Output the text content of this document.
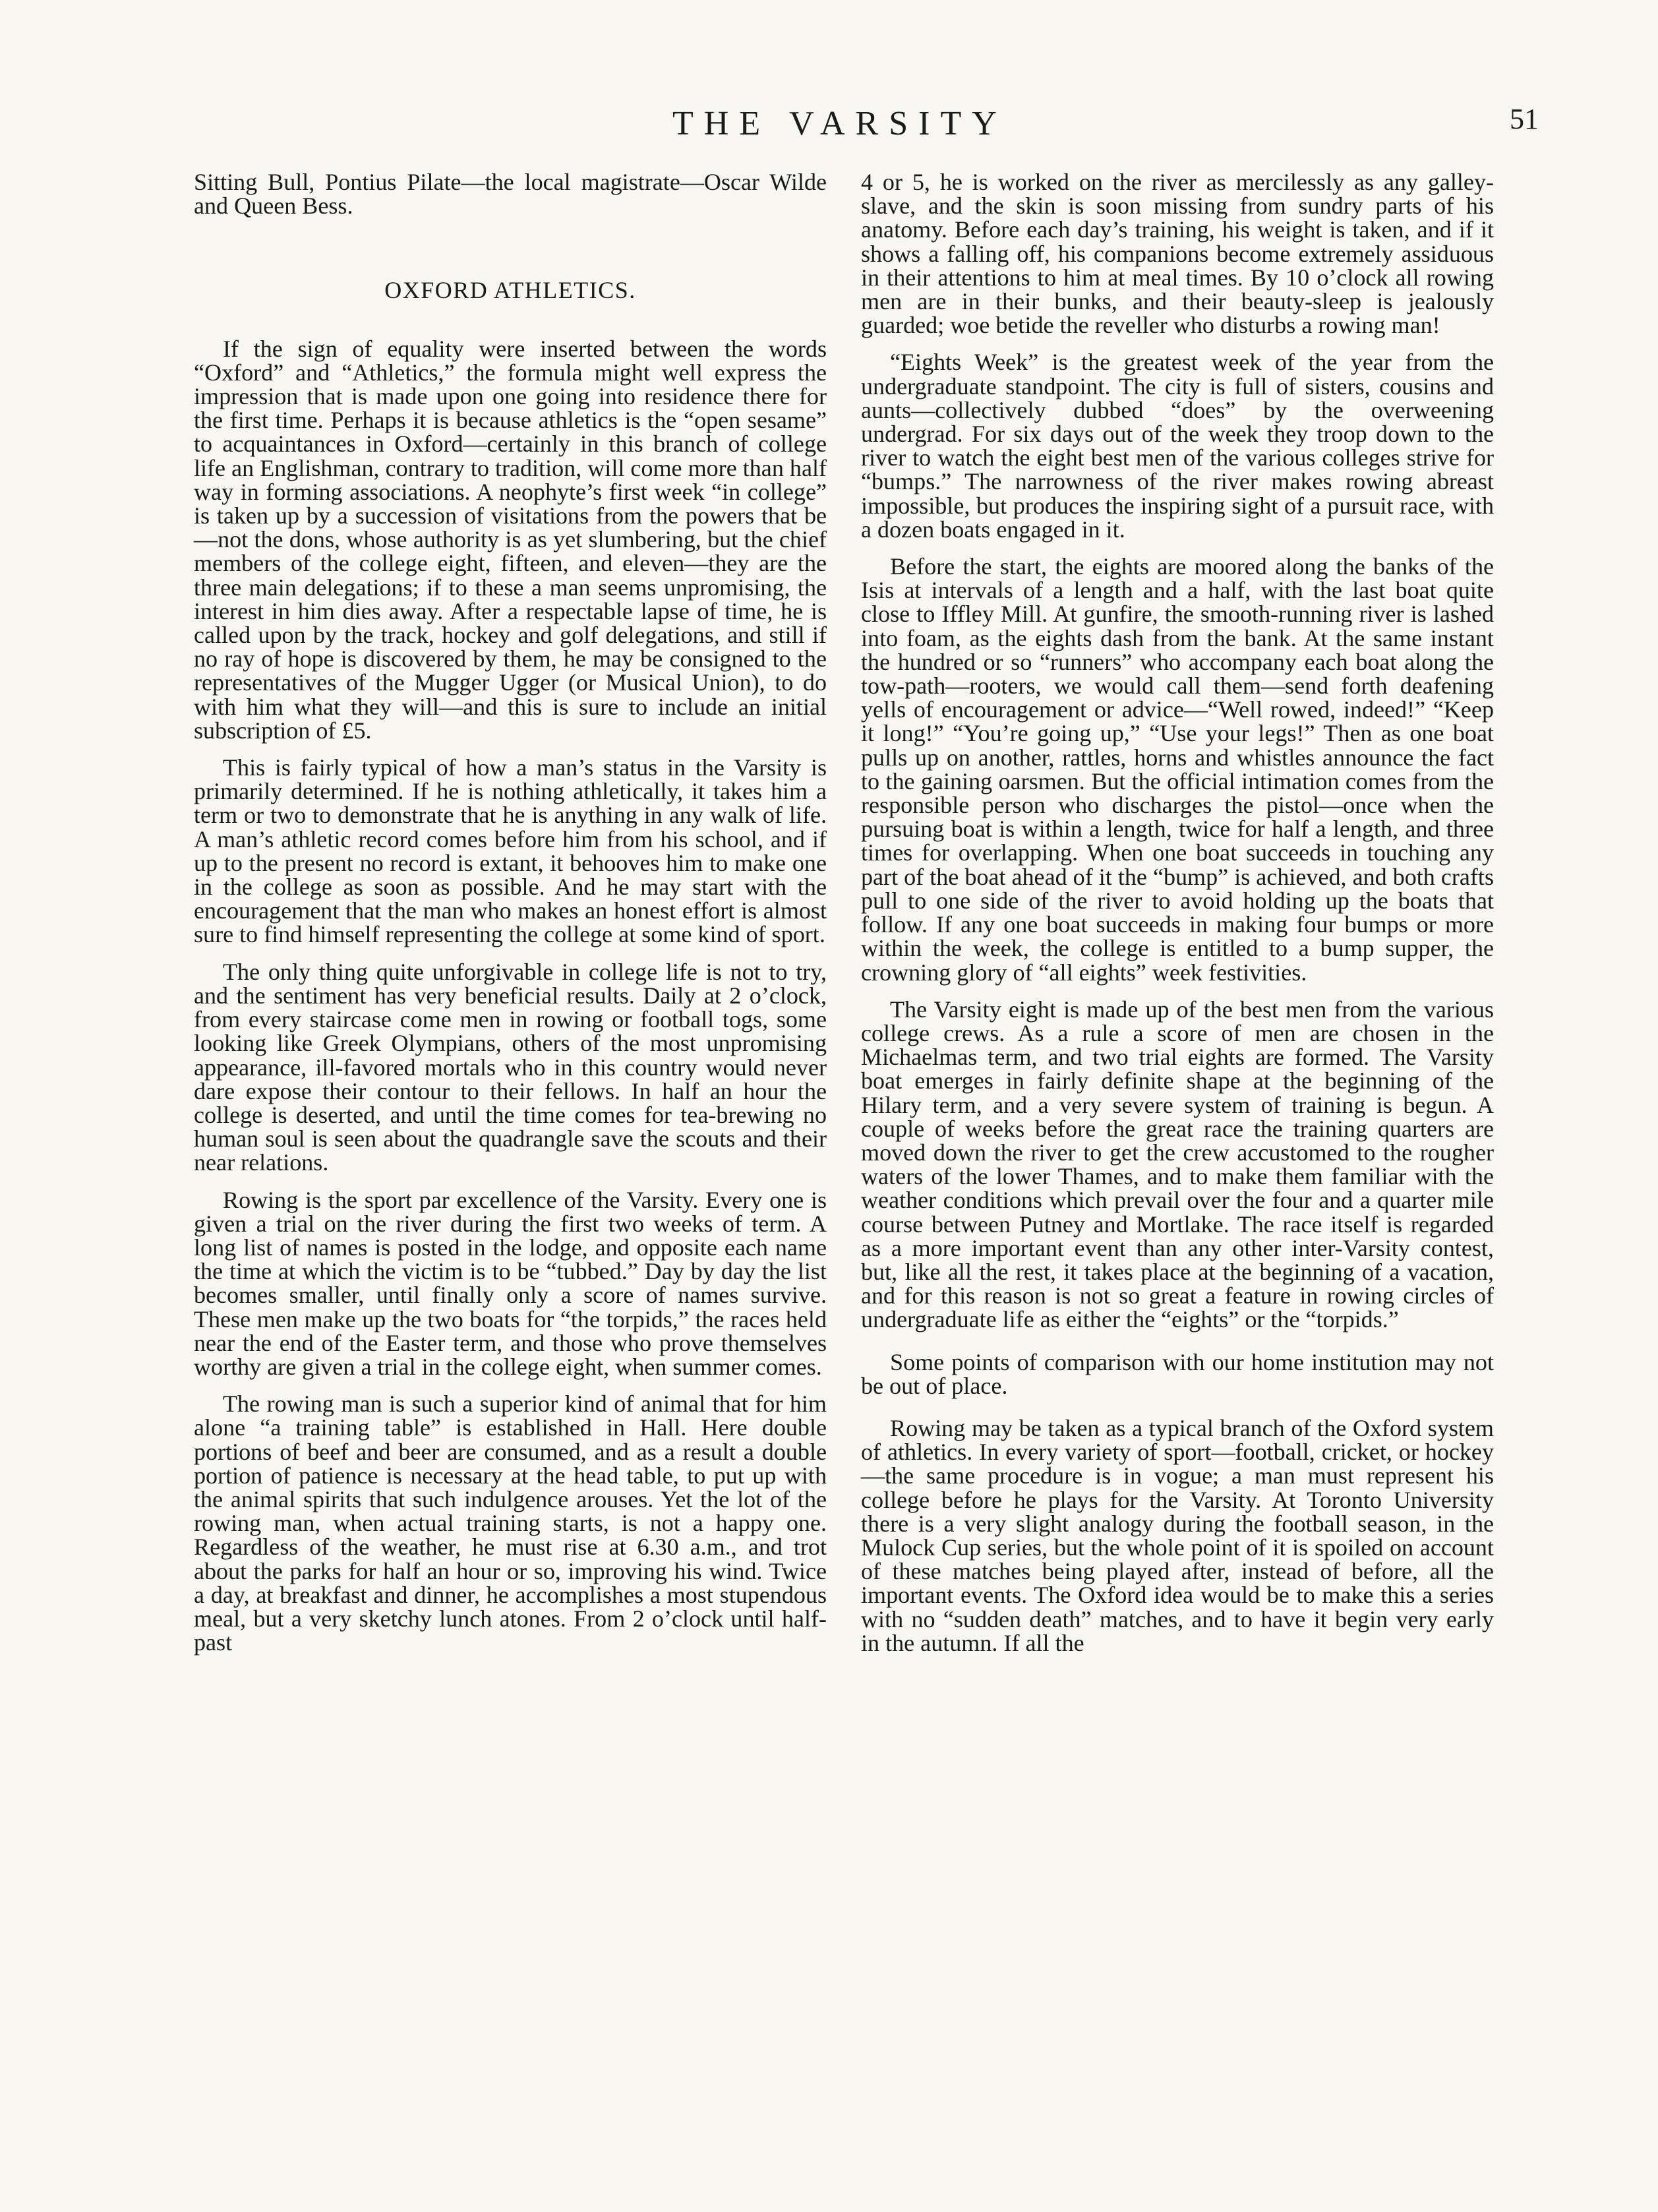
THE VARSITY	51

Sitting Bull, Pontius Pilate—the local magistrate—Oscar Wilde and Queen Bess.

OXFORD ATHLETICS.

If the sign of equality were inserted between the words “Oxford” and “Athletics,” the formula might well express the impression that is made upon one going into residence there for the first time. Perhaps it is because athletics is the “open sesame” to acquaintances in Oxford—certainly in this branch of college life an Englishman, contrary to tradition, will come more than half way in forming associations. A neophyte’s first week “in college” is taken up by a succession of visitations from the powers that be—not the dons, whose authority is as yet slumbering, but the chief members of the college eight, fifteen, and eleven—they are the three main delegations; if to these a man seems unpromising, the interest in him dies away. After a respectable lapse of time, he is called upon by the track, hockey and golf delegations, and still if no ray of hope is discovered by them, he may be consigned to the representatives of the Mugger Ugger (or Musical Union), to do with him what they will—and this is sure to include an initial subscription of £5.

This is fairly typical of how a man’s status in the Varsity is primarily determined. If he is nothing athletically, it takes him a term or two to demonstrate that he is anything in any walk of life. A man’s athletic record comes before him from his school, and if up to the present no record is extant, it behooves him to make one in the college as soon as possible. And he may start with the encouragement that the man who makes an honest effort is almost sure to find himself representing the college at some kind of sport.

The only thing quite unforgivable in college life is not to try, and the sentiment has very beneficial results. Daily at 2 o’clock, from every staircase come men in rowing or football togs, some looking like Greek Olympians, others of the most unpromising appearance, ill-favored mortals who in this country would never dare expose their contour to their fellows. In half an hour the college is deserted, and until the time comes for tea-brewing no human soul is seen about the quadrangle save the scouts and their near relations.

Rowing is the sport par excellence of the Varsity. Every one is given a trial on the river during the first two weeks of term. A long list of names is posted in the lodge, and opposite each name the time at which the victim is to be “tubbed.” Day by day the list becomes smaller, until finally only a score of names survive. These men make up the two boats for “the torpids,” the races held near the end of the Easter term, and those who prove themselves worthy are given a trial in the college eight, when summer comes.

The rowing man is such a superior kind of animal that for him alone “a training table” is established in Hall. Here double portions of beef and beer are consumed, and as a result a double portion of patience is necessary at the head table, to put up with the animal spirits that such indulgence arouses. Yet the lot of the rowing man, when actual training starts, is not a happy one. Regardless of the weather, he must rise at 6.30 a.m., and trot about the parks for half an hour or so, improving his wind. Twice a day, at breakfast and dinner, he accomplishes a most stupendous meal, but a very sketchy lunch atones. From 2 o’clock until half-past

4 or 5, he is worked on the river as mercilessly as any galley-slave, and the skin is soon missing from sundry parts of his anatomy. Before each day’s training, his weight is taken, and if it shows a falling off, his companions become extremely assiduous in their attentions to him at meal times. By 10 o’clock all rowing men are in their bunks, and their beauty-sleep is jealously guarded; woe betide the reveller who disturbs a rowing man!

“Eights Week” is the greatest week of the year from the undergraduate standpoint. The city is full of sisters, cousins and aunts—collectively dubbed “does” by the overweening undergrad. For six days out of the week they troop down to the river to watch the eight best men of the various colleges strive for “bumps.” The narrowness of the river makes rowing abreast impossible, but produces the inspiring sight of a pursuit race, with a dozen boats engaged in it.

Before the start, the eights are moored along the banks of the Isis at intervals of a length and a half, with the last boat quite close to Iffley Mill. At gunfire, the smooth-running river is lashed into foam, as the eights dash from the bank. At the same instant the hundred or so “runners” who accompany each boat along the tow-path—rooters, we would call them—send forth deafening yells of encouragement or advice—“Well rowed, indeed!” “Keep it long!” “You’re going up,” “Use your legs!” Then as one boat pulls up on another, rattles, horns and whistles announce the fact to the gaining oarsmen. But the official intimation comes from the responsible person who discharges the pistol—once when the pursuing boat is within a length, twice for half a length, and three times for overlapping. When one boat succeeds in touching any part of the boat ahead of it the “bump” is achieved, and both crafts pull to one side of the river to avoid holding up the boats that follow. If any one boat succeeds in making four bumps or more within the week, the college is entitled to a bump supper, the crowning glory of “all eights” week festivities.

The Varsity eight is made up of the best men from the various college crews. As a rule a score of men are chosen in the Michaelmas term, and two trial eights are formed. The Varsity boat emerges in fairly definite shape at the beginning of the Hilary term, and a very severe system of training is begun. A couple of weeks before the great race the training quarters are moved down the river to get the crew accustomed to the rougher waters of the lower Thames, and to make them familiar with the weather conditions which prevail over the four and a quarter mile course between Putney and Mortlake. The race itself is regarded as a more important event than any other inter-Varsity contest, but, like all the rest, it takes place at the beginning of a vacation, and for this reason is not so great a feature in rowing circles of undergraduate life as either the “eights” or the “torpids.”

Some points of comparison with our home institution may not be out of place.

Rowing may be taken as a typical branch of the Oxford system of athletics. In every variety of sport—football, cricket, or hockey—the same procedure is in vogue; a man must represent his college before he plays for the Varsity. At Toronto University there is a very slight analogy during the football season, in the Mulock Cup series, but the whole point of it is spoiled on account of these matches being played after, instead of before, all the important events. The Oxford idea would be to make this a series with no “sudden death” matches, and to have it begin very early in the autumn. If all the
